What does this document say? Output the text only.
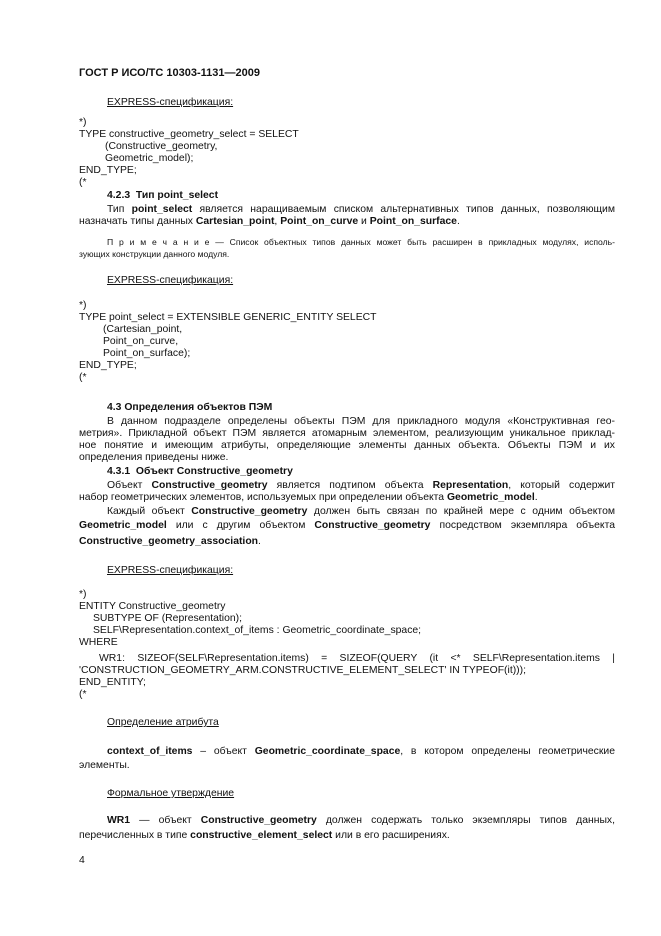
ГОСТ Р ИСО/ТС 10303-1131—2009
EXPRESS-спецификация:
*)
TYPE constructive_geometry_select = SELECT
(Constructive_geometry,
Geometric_model);
END_TYPE;
(*
4.2.3 Тип point_select
Тип point_select является наращиваемым списком альтернативных типов данных, позволяющим
назначать типы данных Cartesian_point, Point_on_curve и Point_on_surface.
П р и м е ч а н и е — Список объектных типов данных может быть расширен в прикладных модулях, исполь-
зующих конструкции данного модуля.
EXPRESS-спецификация:
*)
TYPE point_select = EXTENSIBLE GENERIC_ENTITY SELECT
(Cartesian_point,
Point_on_curve,
Point_on_surface);
END_TYPE;
(*
4.3 Определения объектов ПЭМ
В данном подразделе определены объекты ПЭМ для прикладного модуля «Конструктивная гео-
метрия». Прикладной объект ПЭМ является атомарным элементом, реализующим уникальное приклад-
ное понятие и имеющим атрибуты, определяющие элементы данных объекта. Объекты ПЭМ и их
определения приведены ниже.
4.3.1 Объект Constructive_geometry
Объект Constructive_geometry является подтипом объекта Representation, который содержит
набор геометрических элементов, используемых при определении объекта Geometric_model.
Каждый объект Constructive_geometry должен быть связан по крайней мере с одним объектом
Geometric_model или с другим объектом Constructive_geometry посредством экземпляра объекта
Constructive_geometry_association.
EXPRESS-спецификация:
*)
ENTITY Constructive_geometry
SUBTYPE OF (Representation);
SELF\Representation.context_of_items : Geometric_coordinate_space;
WHERE
WR1:  SIZEOF(SELF\Representation.items)  =  SIZEOF(QUERY  (it  <*  SELF\Representation.items  |
'CONSTRUCTION_GEOMETRY_ARM.CONSTRUCTIVE_ELEMENT_SELECT' IN TYPEOF(it)));
END_ENTITY;
(*
Определение атрибута
context_of_items – объект Geometric_coordinate_space, в котором определены геометрические
элементы.
Формальное утверждение
WR1 — объект Constructive_geometry должен содержать только экземпляры типов данных,
перечисленных в типе constructive_element_select или в его расширениях.
4
